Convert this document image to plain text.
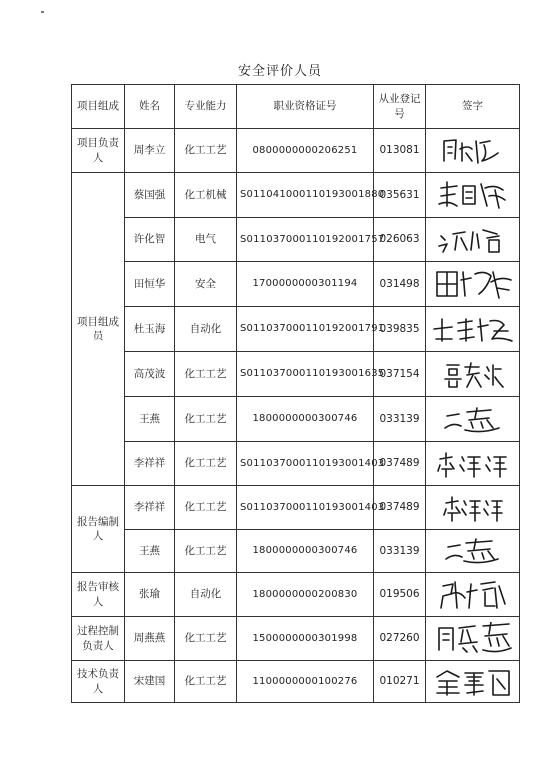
安全评价人员
项目组成	姓名	专业能力	职业资格证号	从业登记号	签字
项目负责人	周李立	化工工艺	0800000000206251	013081	

项目组成员	蔡国强	化工机械	S011041000110193001880	035631	

	许化智	电气	S011037000110192001757	026063	

	田恒华	安全	1700000000301194	031498	

	杜玉海	自动化	S011037000110192001791	039835	

	高茂波	化工工艺	S011037000110193001635	037154	

	王燕	化工工艺	1800000000300746	033139	

	李祥祥	化工工艺	S011037000110193001403	037489	

报告编制人	李祥祥	化工工艺	S011037000110193001403	037489	

	王燕	化工工艺	1800000000300746	033139	

报告审核人	张瑜	自动化	1800000000200830	019506	

过程控制负责人	周燕燕	化工工艺	1500000000301998	027260	

技术负责人	宋建国	化工工艺	1100000000100276	010271	
